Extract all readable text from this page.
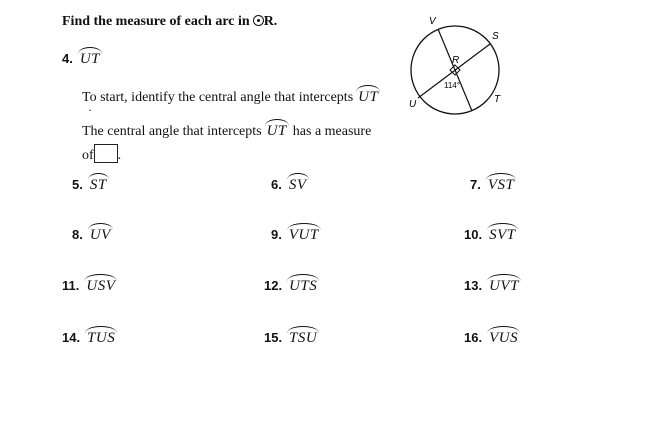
Find the measure of each arc in R.
4. UT
To start, identify the central angle that intercepts UT
·
The central angle that intercepts UT has a measure
of .
V
S
R
114°
U	T
5. ST	6. SV	7. VST
8. UV	9. VUT	10. SVT
11. USV	12. UTS	13. UVT
14. TUS	15. TSU	16. VUS
